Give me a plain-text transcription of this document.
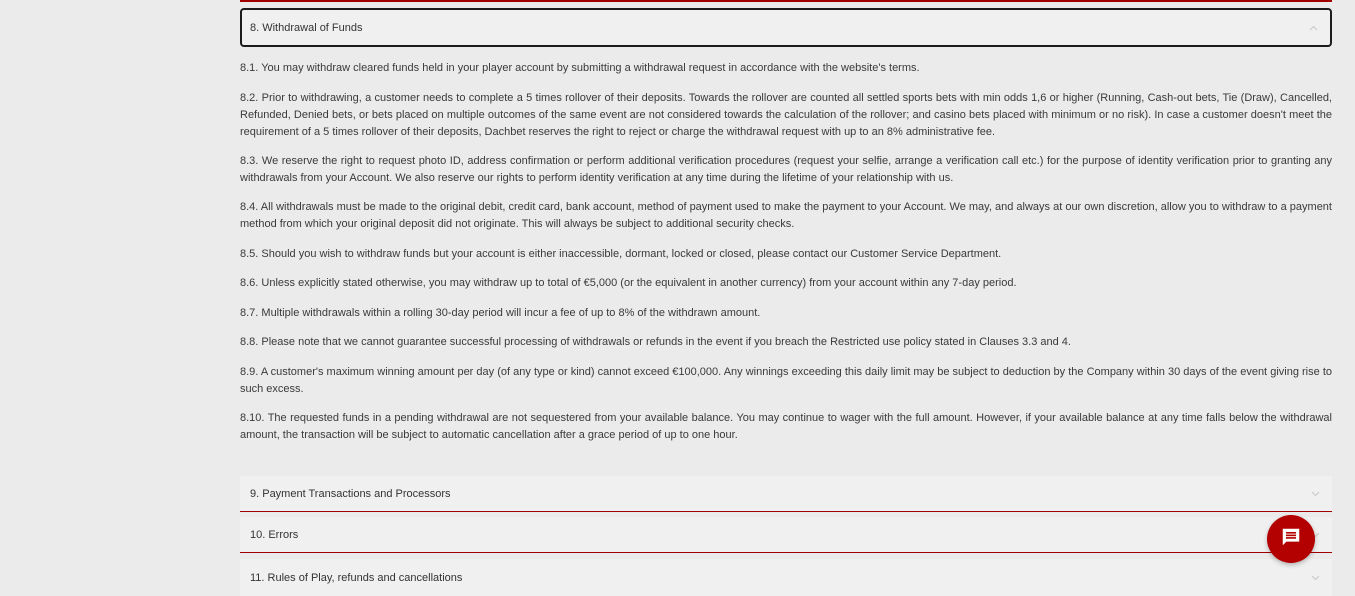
8. Withdrawal of Funds

8.1. You may withdraw cleared funds held in your player account by submitting a withdrawal request in accordance with the website's terms.

8.2. Prior to withdrawing, a customer needs to complete a 5 times rollover of their deposits. Towards the rollover are counted all settled sports bets with min odds 1,6 or higher (Running, Cash-out bets, Tie (Draw), Cancelled, Refunded, Denied bets, or bets placed on multiple outcomes of the same event are not considered towards the calculation of the rollover; and casino bets placed with minimum or no risk). In case a customer doesn't meet the requirement of a 5 times rollover of their deposits, Dachbet reserves the right to reject or charge the withdrawal request with up to an 8% administrative fee.

8.3. We reserve the right to request photo ID, address confirmation or perform additional verification procedures (request your selfie, arrange a verification call etc.) for the purpose of identity verification prior to granting any withdrawals from your Account. We also reserve our rights to perform identity verification at any time during the lifetime of your relationship with us.

8.4. All withdrawals must be made to the original debit, credit card, bank account, method of payment used to make the payment to your Account. We may, and always at our own discretion, allow you to withdraw to a payment method from which your original deposit did not originate. This will always be subject to additional security checks.

8.5. Should you wish to withdraw funds but your account is either inaccessible, dormant, locked or closed, please contact our Customer Service Department.

8.6. Unless explicitly stated otherwise, you may withdraw up to total of €5,000 (or the equivalent in another currency) from your account within any 7-day period.

8.7. Multiple withdrawals within a rolling 30-day period will incur a fee of up to 8% of the withdrawn amount.

8.8. Please note that we cannot guarantee successful processing of withdrawals or refunds in the event if you breach the Restricted use policy stated in Clauses 3.3 and 4.

8.9. A customer's maximum winning amount per day (of any type or kind) cannot exceed €100,000. Any winnings exceeding this daily limit may be subject to deduction by the Company within 30 days of the event giving rise to such excess.

8.10. The requested funds in a pending withdrawal are not sequestered from your available balance. You may continue to wager with the full amount. However, if your available balance at any time falls below the withdrawal amount, the transaction will be subject to automatic cancellation after a grace period of up to one hour.

9. Payment Transactions and Processors
10. Errors
11. Rules of Play, refunds and cancellations
